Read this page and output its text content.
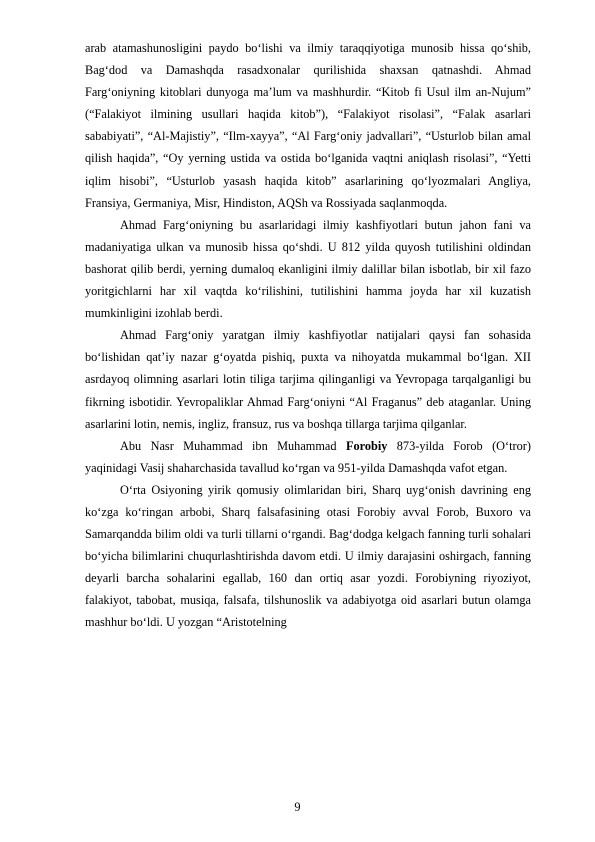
arab atamashunosligini paydo bo‘lishi va ilmiy taraqqiyotiga munosib hissa qo‘shib, Bag‘dod va Damashqda rasadxonalar qurilishida shaxsan qatnashdi. Ahmad Farg‘oniyning kitoblari dunyoga ma’lum va mashhurdir. “Kitob fi Usul ilm an-Nujum” (“Falakiyot ilmining usullari haqida kitob”), “Falakiyot risolasi”, “Falak asarlari sababiyati”, “Al-Majistiy”, “Ilm-xayya”, “Al Farg‘oniy jadvallari”, “Usturlob bilan amal qilish haqida”, “Oy yerning ustida va ostida bo‘lganida vaqtni aniqlash risolasi”, “Yetti iqlim hisobi”, “Usturlob yasash haqida kitob” asarlarining qo‘lyozmalari Angliya, Fransiya, Germaniya, Misr, Hindiston, AQSh va Rossiyada saqlanmoqda.

Ahmad Farg‘oniyning bu asarlaridagi ilmiy kashfiyotlari butun jahon fani va madaniyatiga ulkan va munosib hissa qo‘shdi. U 812 yilda quyosh tutilishini oldindan bashorat qilib berdi, yerning dumaloq ekanligini ilmiy dalillar bilan isbotlab, bir xil fazo yoritgichlarni har xil vaqtda ko‘rilishini, tutilishini hamma joyda har xil kuzatish mumkinligini izohlab berdi.

Ahmad Farg‘oniy yaratgan ilmiy kashfiyotlar natijalari qaysi fan sohasida bo‘lishidan qat’iy nazar g‘oyatda pishiq, puxta va nihoyatda mukammal bo‘lgan. XII asrdayoq olimning asarlari lotin tiliga tarjima qilinganligi va Yevropaga tarqalganligi bu fikrning isbotidir. Yevropaliklar Ahmad Farg‘oniyni “Al Fraganus” deb ataganlar. Uning asarlarini lotin, nemis, ingliz, fransuz, rus va boshqa tillarga tarjima qilganlar.

Abu Nasr Muhammad ibn Muhammad Forobiy 873-yilda Forob (O‘tror) yaqinidagi Vasij shaharchasida tavallud ko‘rgan va 951-yilda Damashqda vafot etgan.

O‘rta Osiyoning yirik qomusiy olimlaridan biri, Sharq uyg‘onish davrining eng ko‘zga ko‘ringan arbobi, Sharq falsafasining otasi Forobiy avval Forob, Buxoro va Samarqandda bilim oldi va turli tillarni o‘rgandi. Bag‘dodga kelgach fanning turli sohalari bo‘yicha bilimlarini chuqurlashtirishda davom etdi. U ilmiy darajasini oshirgach, fanning deyarli barcha sohalarini egallab, 160 dan ortiq asar yozdi. Forobiyning riyoziyot, falakiyot, tabobat, musiqa, falsafa, tilshunoslik va adabiyotga oid asarlari butun olamga mashhur bo‘ldi. U yozgan “Aristotelning

9
